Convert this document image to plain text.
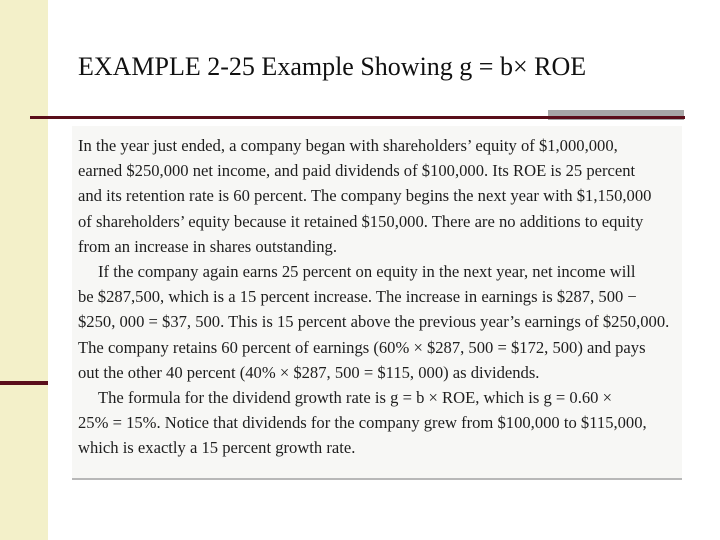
EXAMPLE 2-25 Example Showing g = b× ROE

In the year just ended, a company began with shareholders’ equity of $1,000,000,
earned $250,000 net income, and paid dividends of $100,000. Its ROE is 25 percent
and its retention rate is 60 percent. The company begins the next year with $1,150,000
of shareholders’ equity because it retained $150,000. There are no additions to equity
from an increase in shares outstanding.

If the company again earns 25 percent on equity in the next year, net income will
be $287,500, which is a 15 percent increase. The increase in earnings is $287, 500 −
$250, 000 = $37, 500. This is 15 percent above the previous year’s earnings of $250,000.
The company retains 60 percent of earnings (60% × $287, 500 = $172, 500) and pays
out the other 40 percent (40% × $287, 500 = $115, 000) as dividends.

The formula for the dividend growth rate is g = b × ROE, which is g = 0.60 ×
25% = 15%. Notice that dividends for the company grew from $100,000 to $115,000,
which is exactly a 15 percent growth rate.
